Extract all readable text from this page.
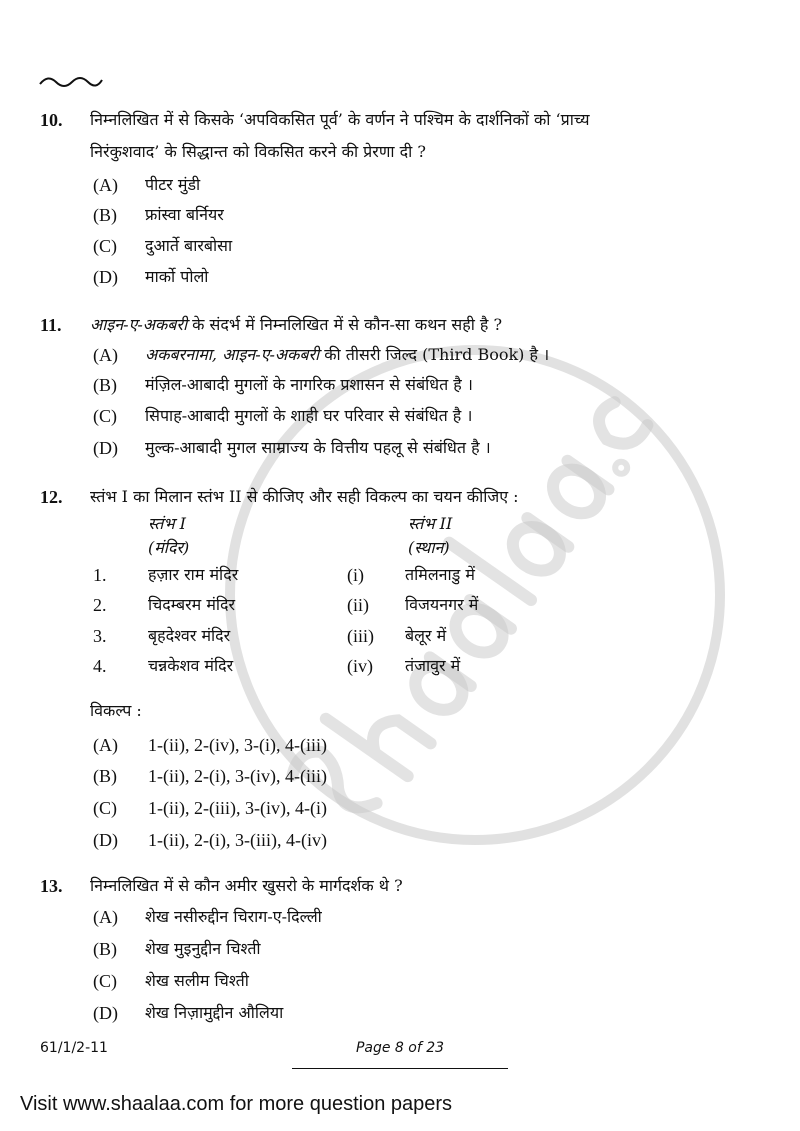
10. निम्नलिखित में से किसके ‘अपविकसित पूर्व’ के वर्णन ने पश्चिम के दार्शनिकों को ‘प्राच्य
निरंकुशवाद’ के सिद्धान्त को विकसित करने की प्रेरणा दी ?
(A) पीटर मुंडी
(B) फ्रांस्वा बर्नियर
(C) दुआर्ते बारबोसा
(D) मार्को पोलो
11. आइन-ए-अकबरी के संदर्भ में निम्नलिखित में से कौन-सा कथन सही है ?
(A) अकबरनामा, आइन-ए-अकबरी की तीसरी जिल्द (Third Book) है ।
(B) मंज़िल-आबादी मुगलों के नागरिक प्रशासन से संबंधित है ।
(C) सिपाह-आबादी मुगलों के शाही घर परिवार से संबंधित है ।
(D) मुल्क-आबादी मुगल साम्राज्य के वित्तीय पहलू से संबंधित है ।
12. स्तंभ I का मिलान स्तंभ II से कीजिए और सही विकल्प का चयन कीजिए :
स्तंभ I
(मंदिर)
स्तंभ II
(स्थान)
1.	हज़ार राम मंदिर	(i)	तमिलनाडु में
2.	चिदम्बरम मंदिर	(ii) विजयनगर में
3.	बृहदेश्वर मंदिर	(iii) बेलूर में
4.	चन्नकेशव मंदिर	(iv) तंजावुर में
विकल्प :
(A) 1-(ii), 2-(iv), 3-(i), 4-(iii)
(B) 1-(ii), 2-(i), 3-(iv), 4-(iii)
(C) 1-(ii), 2-(iii), 3-(iv), 4-(i)
(D) 1-(ii), 2-(i), 3-(iii), 4-(iv)
13. निम्नलिखित में से कौन अमीर खुसरो के मार्गदर्शक थे ?
(A) शेख नसीरुद्दीन चिराग-ए-दिल्ली
(B) शेख मुइनुद्दीन चिश्ती
(C) शेख सलीम चिश्ती
(D) शेख निज़ामुद्दीन औलिया
61/1/2-11	Page 8 of 23
Visit www.shaalaa.com for more question papers
